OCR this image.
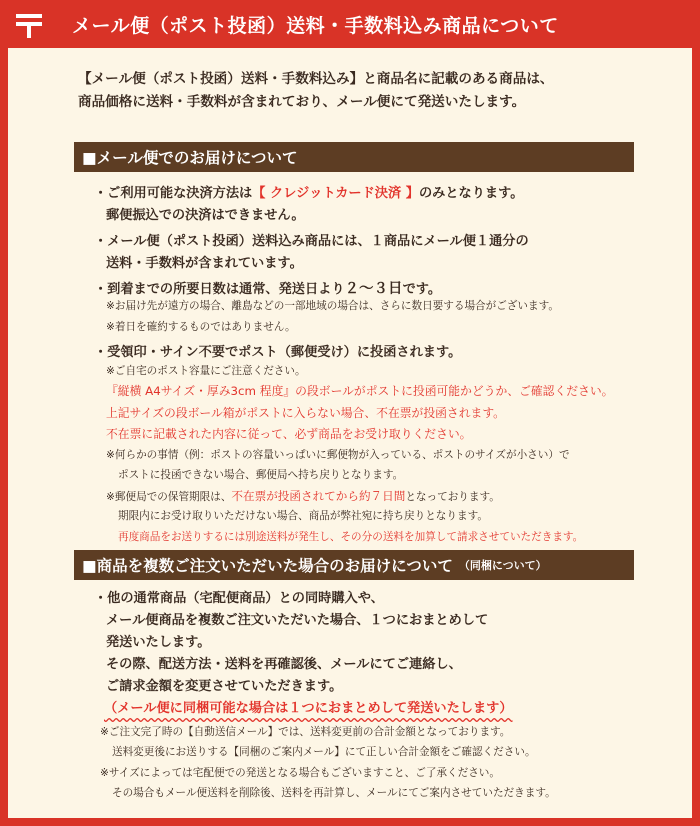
メール便（ポスト投函）送料・手数料込み商品について
【メール便（ポスト投函）送料・手数料込み】と商品名に記載のある商品は、
商品価格に送料・手数料が含まれており、メール便にて発送いたします。
■メール便でのお届けについて
・ご利用可能な決済方法は【 クレジットカード決済 】のみとなります。
郵便振込での決済はできません。
・メール便（ポスト投函）送料込み商品には、１商品にメール便１通分の
送料・手数料が含まれています。
・到着までの所要日数は通常、発送日より２〜３日です。
※お届け先が遠方の場合、離島などの一部地域の場合は、さらに数日要する場合がございます。
※着日を確約するものではありません。
・受領印・サイン不要でポスト（郵便受け）に投函されます。
※ご自宅のポスト容量にご注意ください。
『縦横 A4サイズ・厚み3cm 程度』の段ボールがポストに投函可能かどうか、ご確認ください。
上記サイズの段ボール箱がポストに入らない場合、不在票が投函されます。
不在票に記載された内容に従って、必ず商品をお受け取りください。
※何らかの事情（例：ポストの容量いっぱいに郵便物が入っている、ポストのサイズが小さい）で
ポストに投函できない場合、郵便局へ持ち戻りとなります。
※郵便局での保管期限は、不在票が投函されてから約７日間となっております。
期限内にお受け取りいただけない場合、商品が弊社宛に持ち戻りとなります。
再度商品をお送りするには別途送料が発生し、その分の送料を加算して請求させていただきます。
■商品を複数ご注文いただいた場合のお届けについて （同梱について）
・他の通常商品（宅配便商品）との同時購入や、
メール便商品を複数ご注文いただいた場合、１つにおまとめして
発送いたします。
その際、配送方法・送料を再確認後、メールにてご連絡し、
ご請求金額を変更させていただきます。
（メール便に同梱可能な場合は１つにおまとめして発送いたします）
※ご注文完了時の【自動送信メール】では、送料変更前の合計金額となっております。
送料変更後にお送りする【同梱のご案内メール】にて正しい合計金額をご確認ください。
※サイズによっては宅配便での発送となる場合もございますこと、ご了承ください。
その場合もメール便送料を削除後、送料を再計算し、メールにてご案内させていただきます。
